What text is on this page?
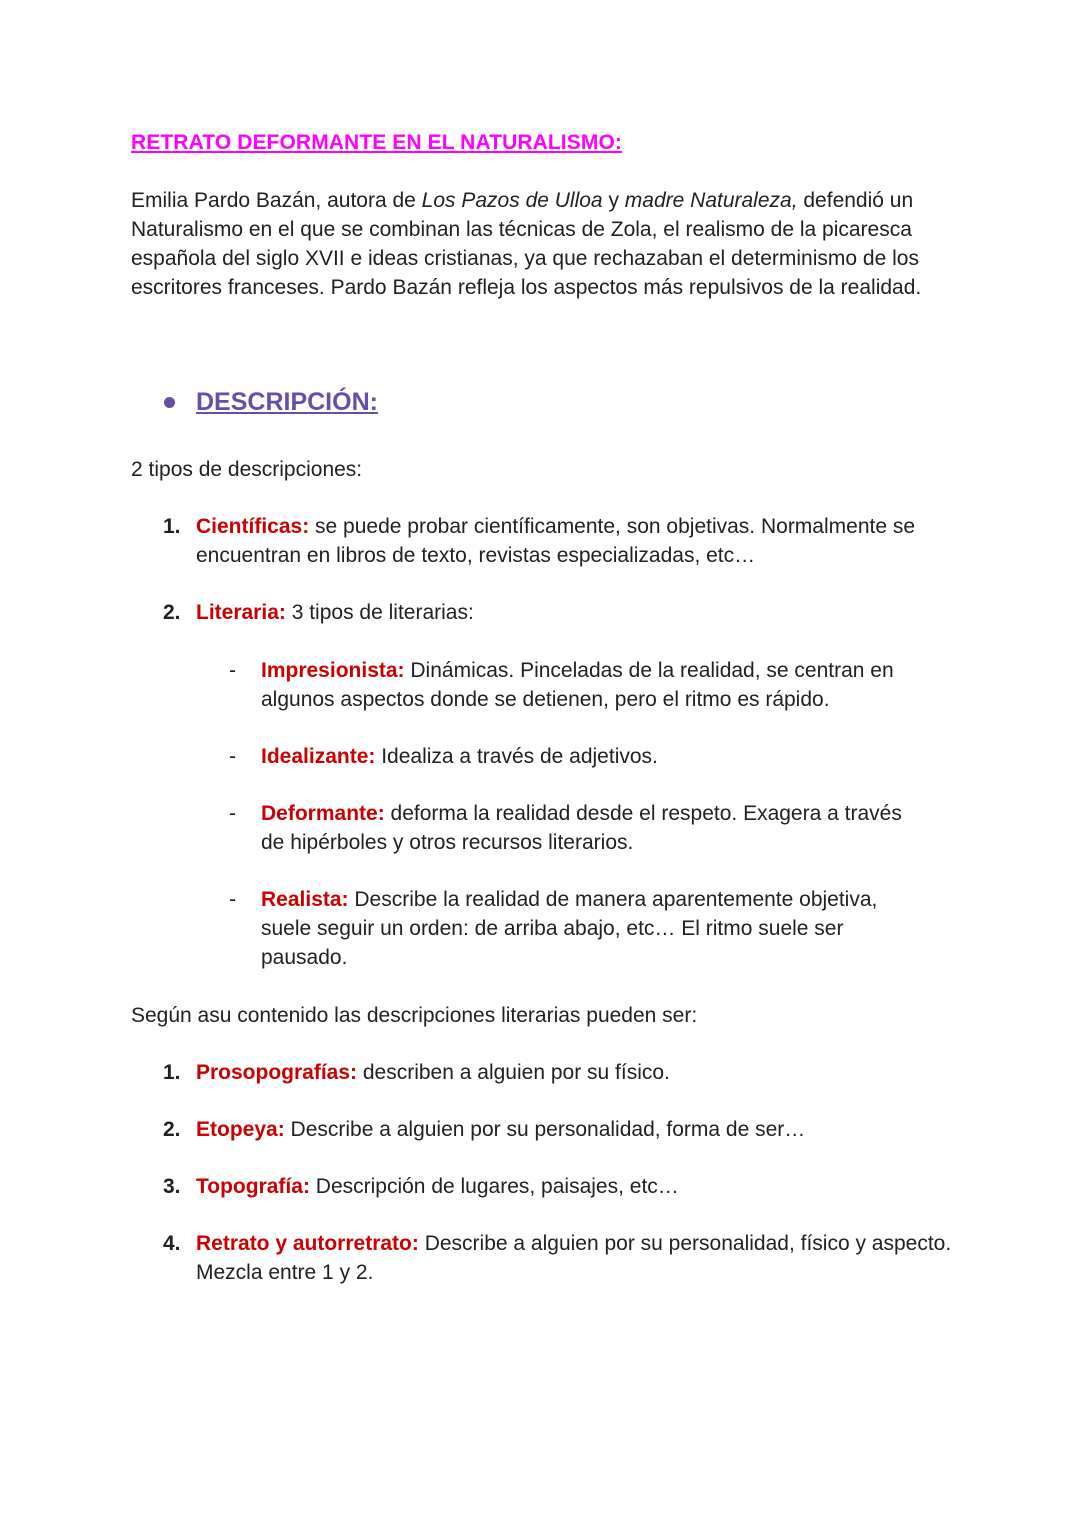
RETRATO DEFORMANTE EN EL NATURALISMO:

Emilia Pardo Bazán, autora de Los Pazos de Ulloa y madre Naturaleza, defendió un Naturalismo en el que se combinan las técnicas de Zola, el realismo de la picaresca española del siglo XVII e ideas cristianas, ya que rechazaban el determinismo de los escritores franceses. Pardo Bazán refleja los aspectos más repulsivos de la realidad.

DESCRIPCIÓN:

2 tipos de descripciones:

1. Científicas: se puede probar científicamente, son objetivas. Normalmente se encuentran en libros de texto, revistas especializadas, etc…
2. Literaria: 3 tipos de literarias:
-	Impresionista: Dinámicas. Pinceladas de la realidad, se centran en algunos aspectos donde se detienen, pero el ritmo es rápido.
-	Idealizante: Idealiza a través de adjetivos.
-	Deformante: deforma la realidad desde el respeto. Exagera a través de hipérboles y otros recursos literarios.
-	Realista: Describe la realidad de manera aparentemente objetiva, suele seguir un orden: de arriba abajo, etc… El ritmo suele ser pausado.

Según asu contenido las descripciones literarias pueden ser:

1. Prosopografías: describen a alguien por su físico.
2. Etopeya: Describe a alguien por su personalidad, forma de ser…
3. Topografía: Descripción de lugares, paisajes, etc…
4. Retrato y autorretrato: Describe a alguien por su personalidad, físico y aspecto. Mezcla entre 1 y 2.
